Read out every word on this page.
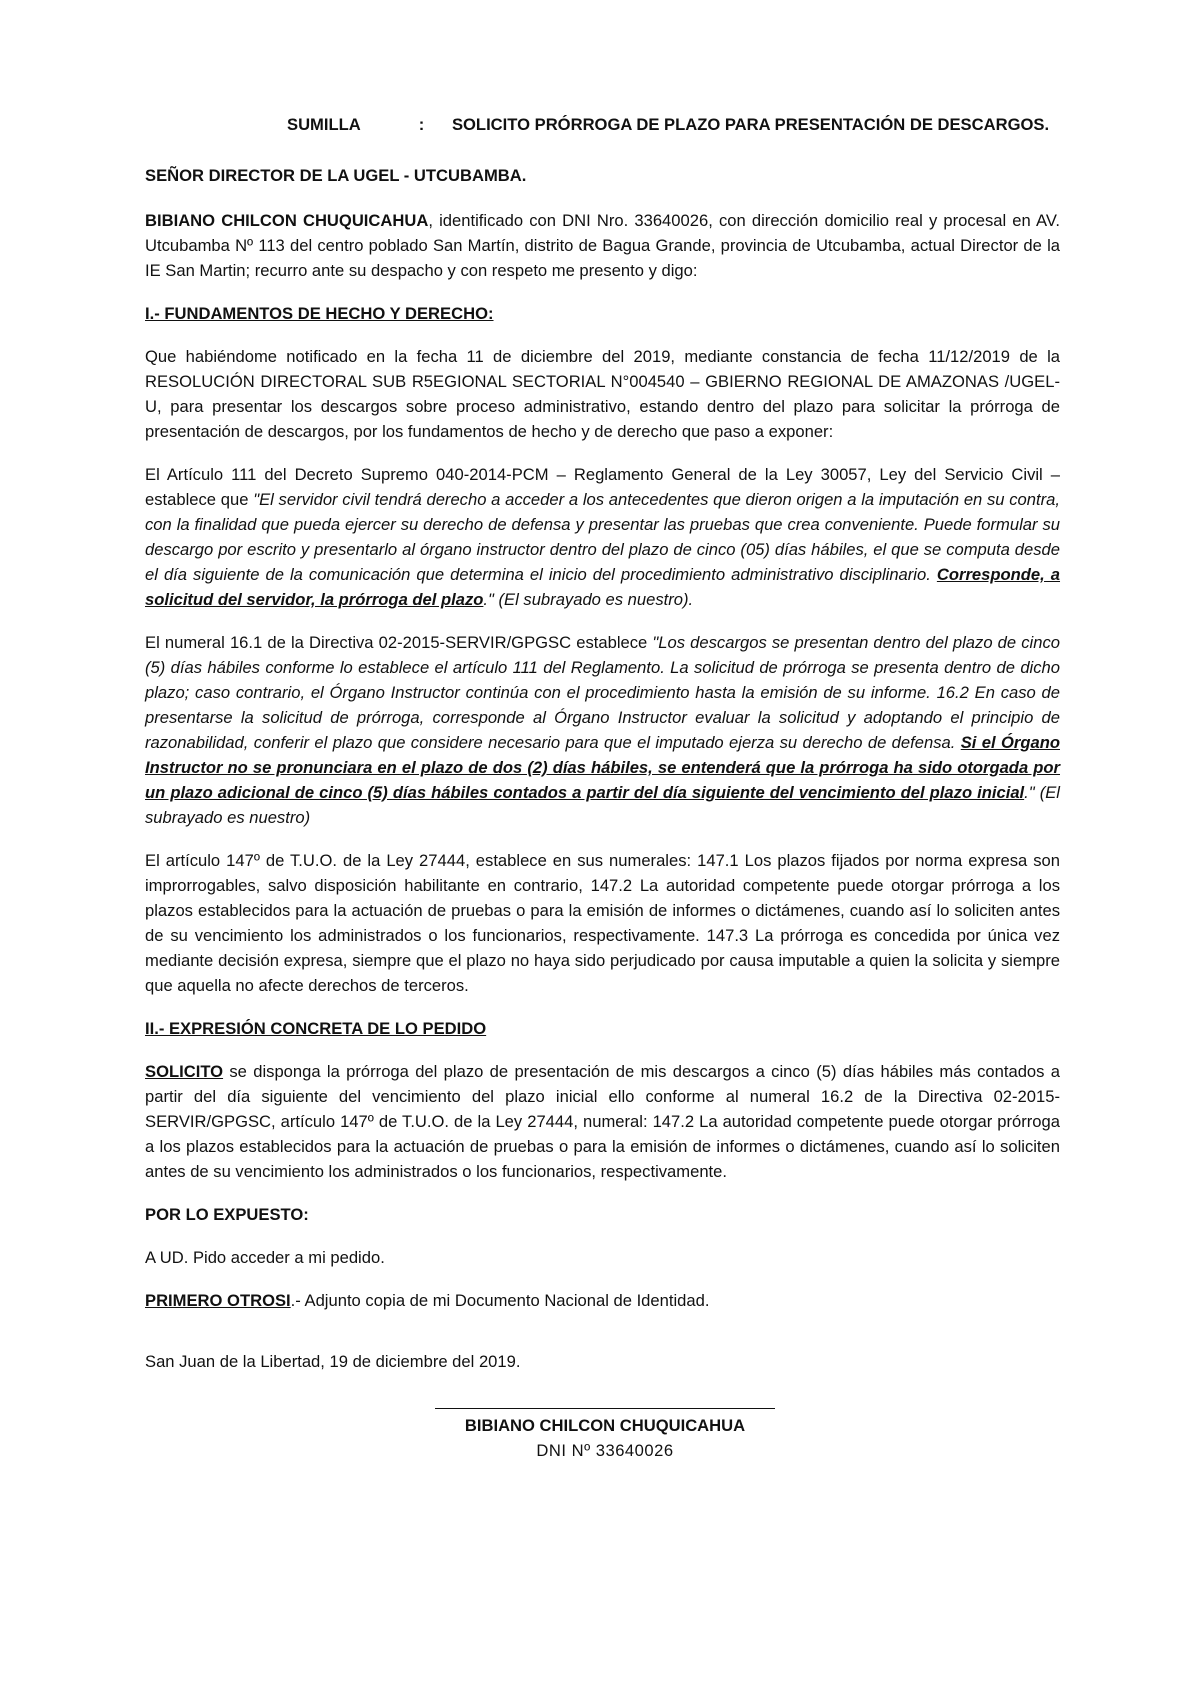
SUMILLA	: SOLICITO PRÓRROGA DE PLAZO PARA PRESENTACIÓN DE DESCARGOS.

SEÑOR DIRECTOR DE LA UGEL - UTCUBAMBA.

BIBIANO CHILCON CHUQUICAHUA, identificado con DNI Nro. 33640026, con dirección domicilio real y procesal en AV. Utcubamba Nº 113 del centro poblado San Martín, distrito de Bagua Grande, provincia de Utcubamba, actual Director de la IE San Martin; recurro ante su despacho y con respeto me presento y digo:

I.- FUNDAMENTOS DE HECHO Y DERECHO:

Que habiéndome notificado en la fecha 11 de diciembre del 2019, mediante constancia de fecha 11/12/2019 de la RESOLUCIÓN DIRECTORAL SUB R5EGIONAL SECTORIAL N°004540 – GBIERNO REGIONAL DE AMAZONAS /UGEL-U, para presentar los descargos sobre proceso administrativo, estando dentro del plazo para solicitar la prórroga de presentación de descargos, por los fundamentos de hecho y de derecho que paso a exponer:

El Artículo 111 del Decreto Supremo 040-2014-PCM – Reglamento General de la Ley 30057, Ley del Servicio Civil – establece que "El servidor civil tendrá derecho a acceder a los antecedentes que dieron origen a la imputación en su contra, con la finalidad que pueda ejercer su derecho de defensa y presentar las pruebas que crea conveniente. Puede formular su descargo por escrito y presentarlo al órgano instructor dentro del plazo de cinco (05) días hábiles, el que se computa desde el día siguiente de la comunicación que determina el inicio del procedimiento administrativo disciplinario. Corresponde, a solicitud del servidor, la prórroga del plazo." (El subrayado es nuestro).

El numeral 16.1 de la Directiva 02-2015-SERVIR/GPGSC establece "Los descargos se presentan dentro del plazo de cinco (5) días hábiles conforme lo establece el artículo 111 del Reglamento. La solicitud de prórroga se presenta dentro de dicho plazo; caso contrario, el Órgano Instructor continúa con el procedimiento hasta la emisión de su informe. 16.2 En caso de presentarse la solicitud de prórroga, corresponde al Órgano Instructor evaluar la solicitud y adoptando el principio de razonabilidad, conferir el plazo que considere necesario para que el imputado ejerza su derecho de defensa. Si el Órgano Instructor no se pronunciara en el plazo de dos (2) días hábiles, se entenderá que la prórroga ha sido otorgada por un plazo adicional de cinco (5) días hábiles contados a partir del día siguiente del vencimiento del plazo inicial." (El subrayado es nuestro)

El artículo 147º de T.U.O. de la Ley 27444, establece en sus numerales: 147.1 Los plazos fijados por norma expresa son improrrogables, salvo disposición habilitante en contrario, 147.2 La autoridad competente puede otorgar prórroga a los plazos establecidos para la actuación de pruebas o para la emisión de informes o dictámenes, cuando así lo soliciten antes de su vencimiento los administrados o los funcionarios, respectivamente. 147.3 La prórroga es concedida por única vez mediante decisión expresa, siempre que el plazo no haya sido perjudicado por causa imputable a quien la solicita y siempre que aquella no afecte derechos de terceros.

II.- EXPRESIÓN CONCRETA DE LO PEDIDO

SOLICITO se disponga la prórroga del plazo de presentación de mis descargos a cinco (5) días hábiles más contados a partir del día siguiente del vencimiento del plazo inicial ello conforme al numeral 16.2 de la Directiva 02-2015-SERVIR/GPGSC, artículo 147º de T.U.O. de la Ley 27444, numeral: 147.2 La autoridad competente puede otorgar prórroga a los plazos establecidos para la actuación de pruebas o para la emisión de informes o dictámenes, cuando así lo soliciten antes de su vencimiento los administrados o los funcionarios, respectivamente.

POR LO EXPUESTO:

A UD. Pido acceder a mi pedido.

PRIMERO OTROSI.- Adjunto copia de mi Documento Nacional de Identidad.

San Juan de la Libertad, 19 de diciembre del 2019.

BIBIANO CHILCON CHUQUICAHUA
DNI Nº 33640026
